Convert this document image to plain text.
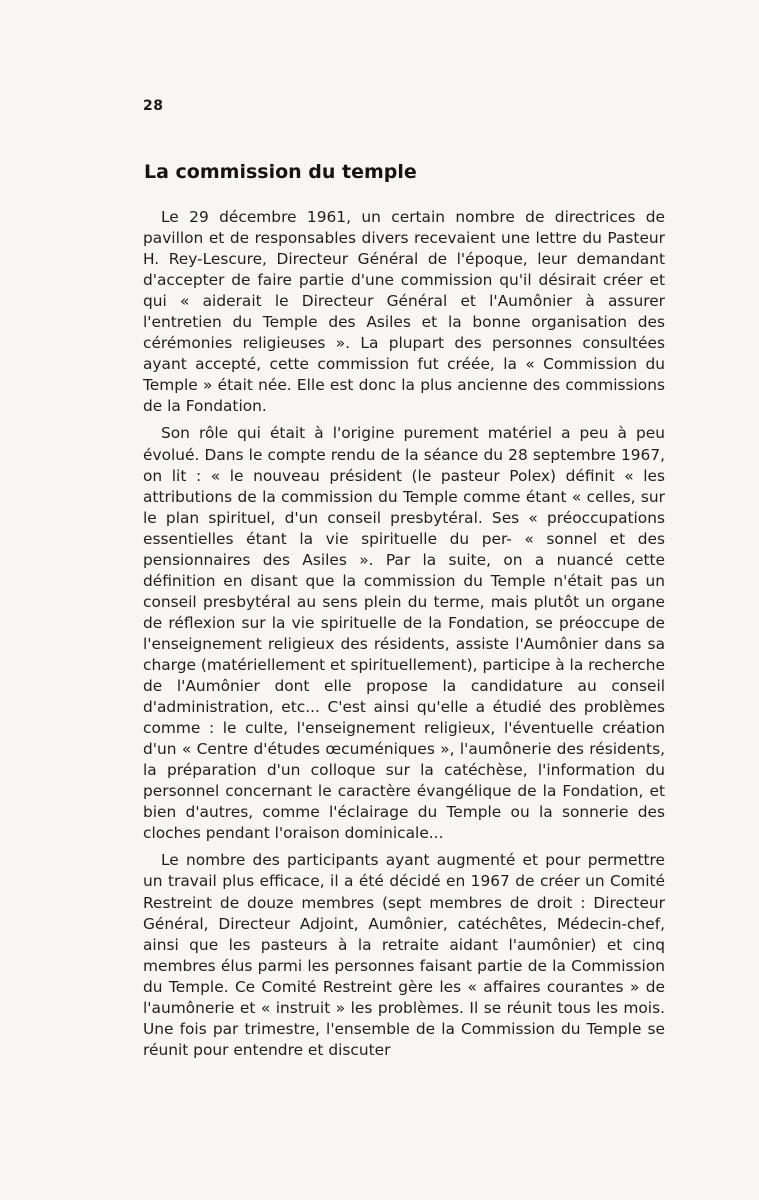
28
La commission du temple

Le 29 décembre 1961, un certain nombre de directrices de pavillon et de responsables divers recevaient une lettre du Pasteur H. Rey-Lescure, Directeur Général de l'époque, leur demandant d'accepter de faire partie d'une commission qu'il désirait créer et qui « aiderait le Directeur Général et l'Aumônier à assurer l'entretien du Temple des Asiles et la bonne organisation des cérémonies religieuses ». La plupart des personnes consultées ayant accepté, cette commission fut créée, la « Commission du Temple » était née. Elle est donc la plus ancienne des commissions de la Fondation.

Son rôle qui était à l'origine purement matériel a peu à peu évolué. Dans le compte rendu de la séance du 28 septembre 1967, on lit : « le nouveau président (le pasteur Polex) définit « les attributions de la commission du Temple comme étant « celles, sur le plan spirituel, d'un conseil presbytéral. Ses « préoccupations essentielles étant la vie spirituelle du per- « sonnel et des pensionnaires des Asiles ». Par la suite, on a nuancé cette définition en disant que la commission du Temple n'était pas un conseil presbytéral au sens plein du terme, mais plutôt un organe de réflexion sur la vie spirituelle de la Fondation, se préoccupe de l'enseignement religieux des résidents, assiste l'Aumônier dans sa charge (matériellement et spirituellement), participe à la recherche de l'Aumônier dont elle propose la candidature au conseil d'administration, etc... C'est ainsi qu'elle a étudié des problèmes comme : le culte, l'enseignement religieux, l'éventuelle création d'un « Centre d'études œcuméniques », l'aumônerie des résidents, la préparation d'un colloque sur la catéchèse, l'information du personnel concernant le caractère évangélique de la Fondation, et bien d'autres, comme l'éclairage du Temple ou la sonnerie des cloches pendant l'oraison dominicale...

Le nombre des participants ayant augmenté et pour permettre un travail plus efficace, il a été décidé en 1967 de créer un Comité Restreint de douze membres (sept membres de droit : Directeur Général, Directeur Adjoint, Aumônier, catéchêtes, Médecin-chef, ainsi que les pasteurs à la retraite aidant l'aumônier) et cinq membres élus parmi les personnes faisant partie de la Commission du Temple. Ce Comité Restreint gère les « affaires courantes » de l'aumônerie et « instruit » les problèmes. Il se réunit tous les mois. Une fois par trimestre, l'ensemble de la Commission du Temple se réunit pour entendre et discuter
